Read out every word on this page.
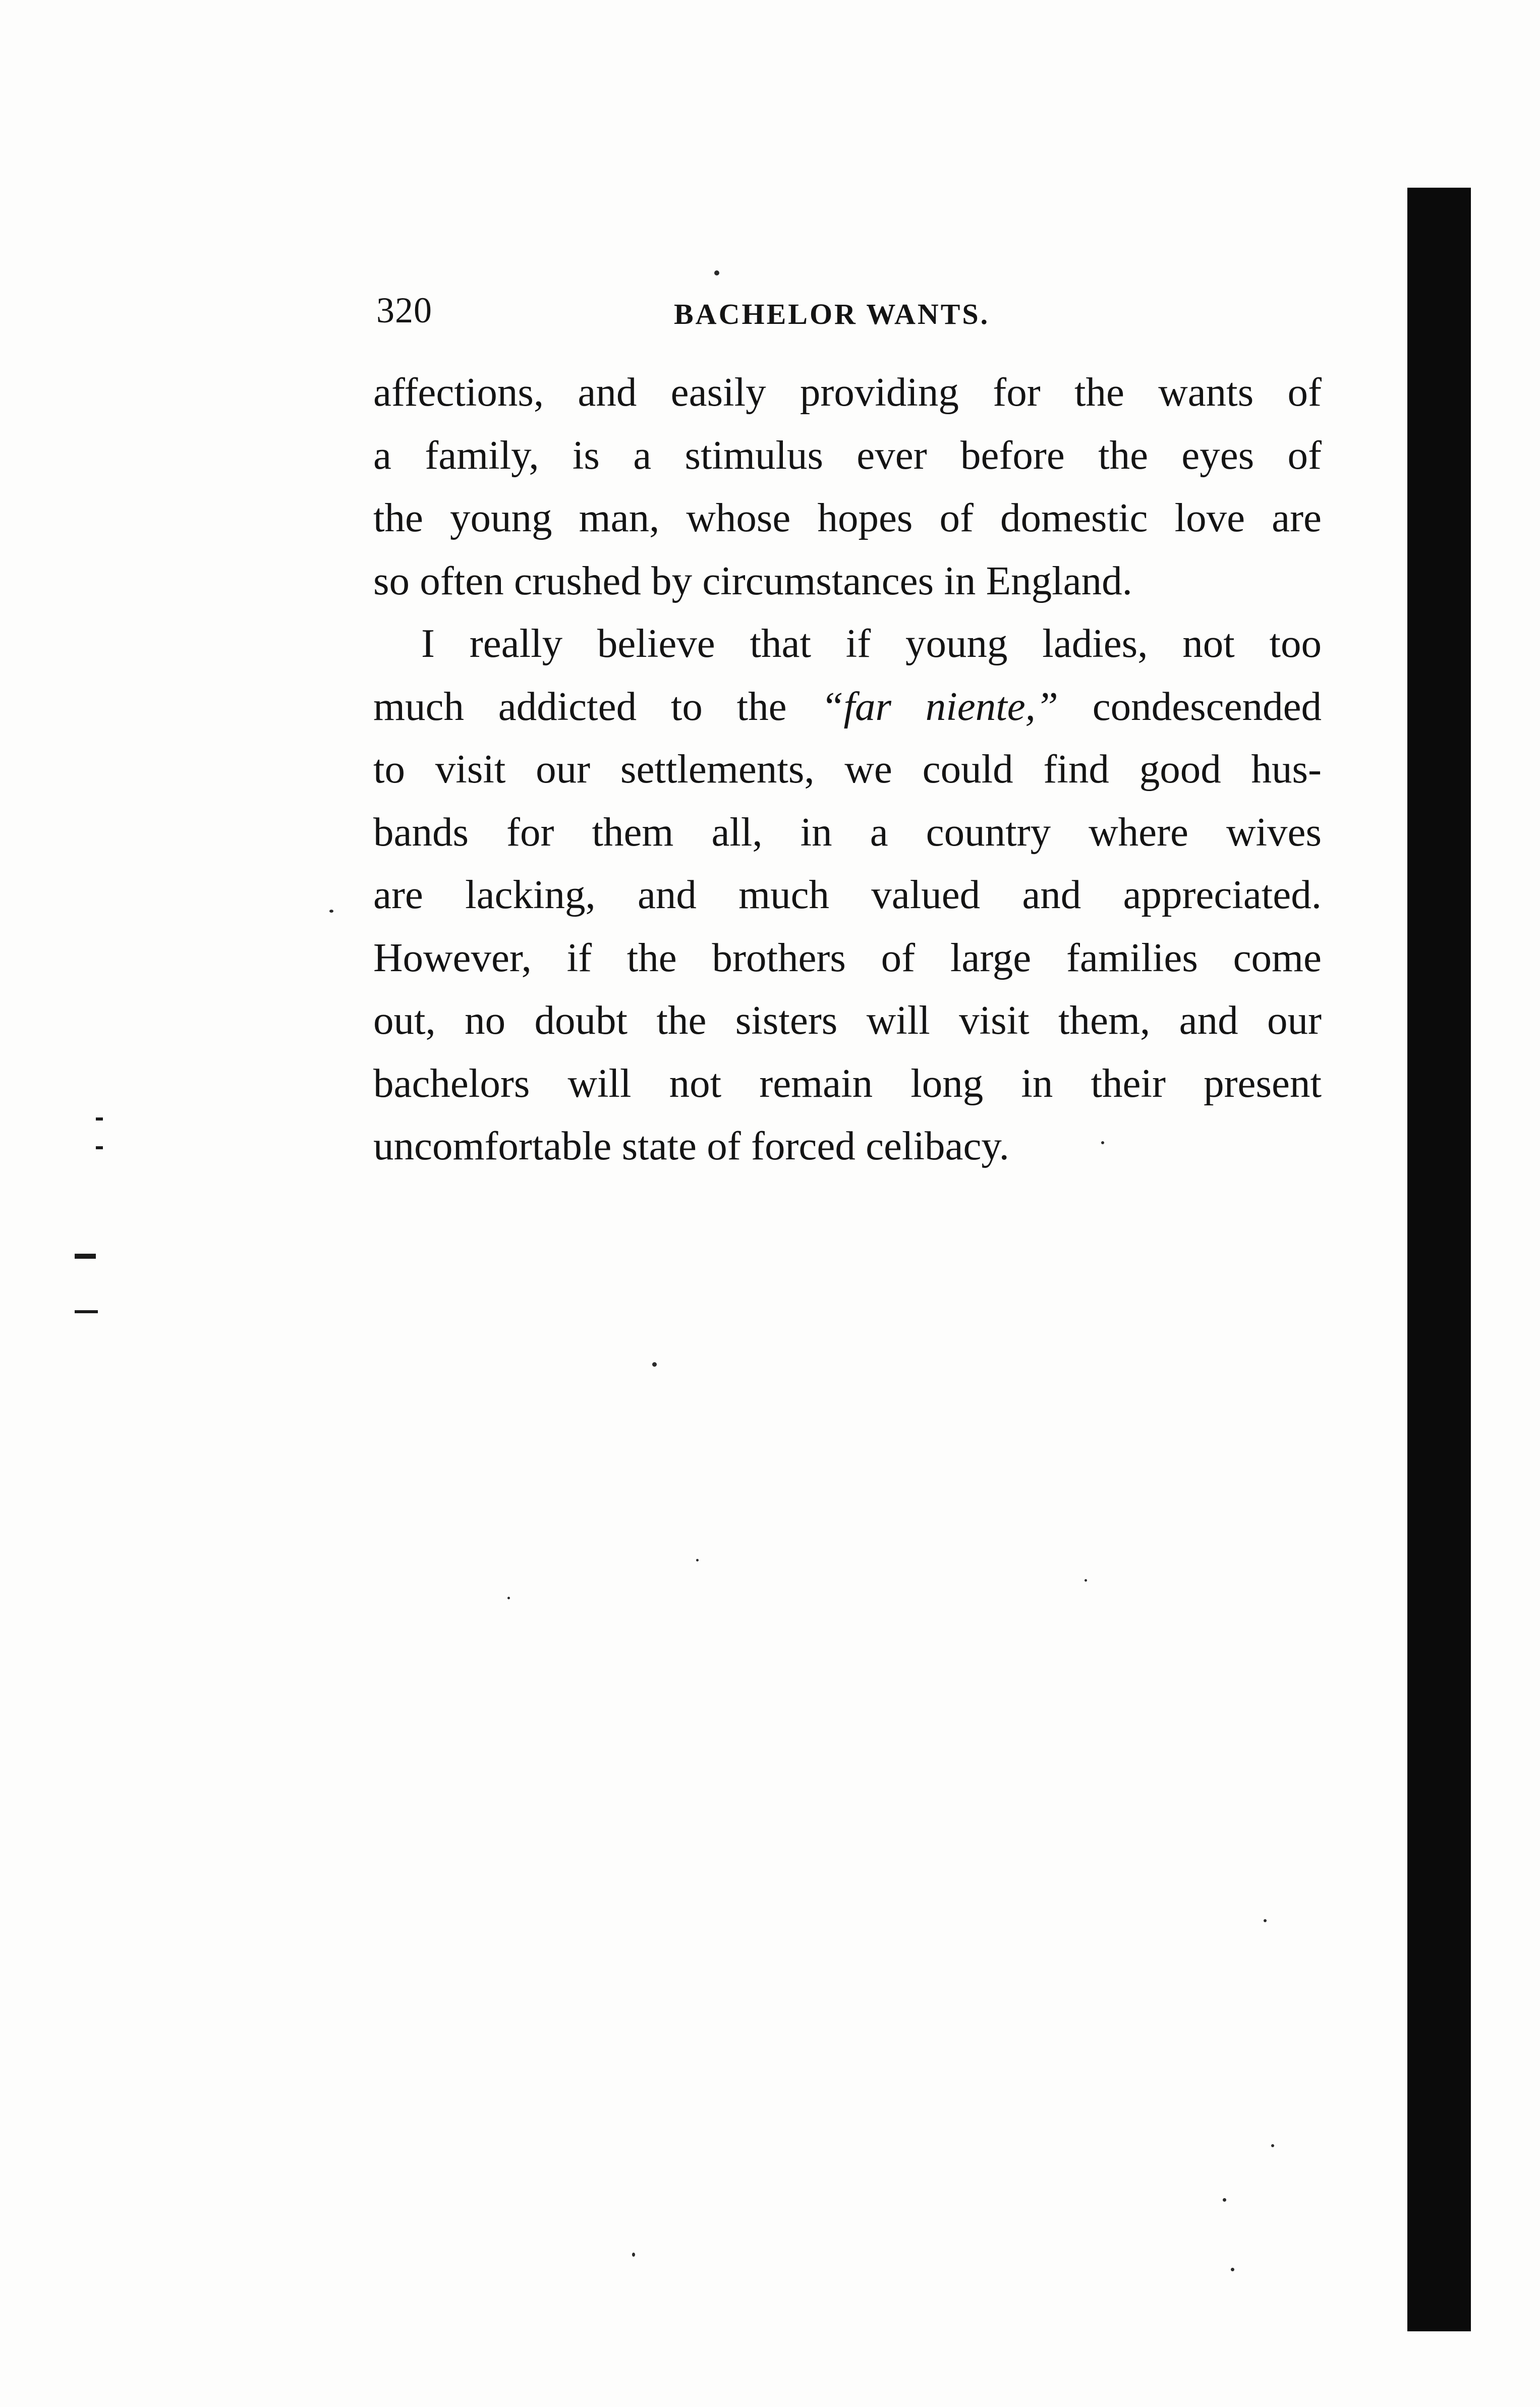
320	BACHELOR WANTS.
affections, and easily providing for the wants of
a family, is a stimulus ever before the eyes of
the young man, whose hopes of domestic love are
so often crushed by circumstances in England.
I really believe that if young ladies, not too
much addicted to the “far niente,” condescended
to visit our settlements, we could find good hus-
bands for them all, in a country where wives
are lacking, and much valued and appreciated.
However, if the brothers of large families come
out, no doubt the sisters will visit them, and our
bachelors will not remain long in their present
uncomfortable state of forced celibacy.
